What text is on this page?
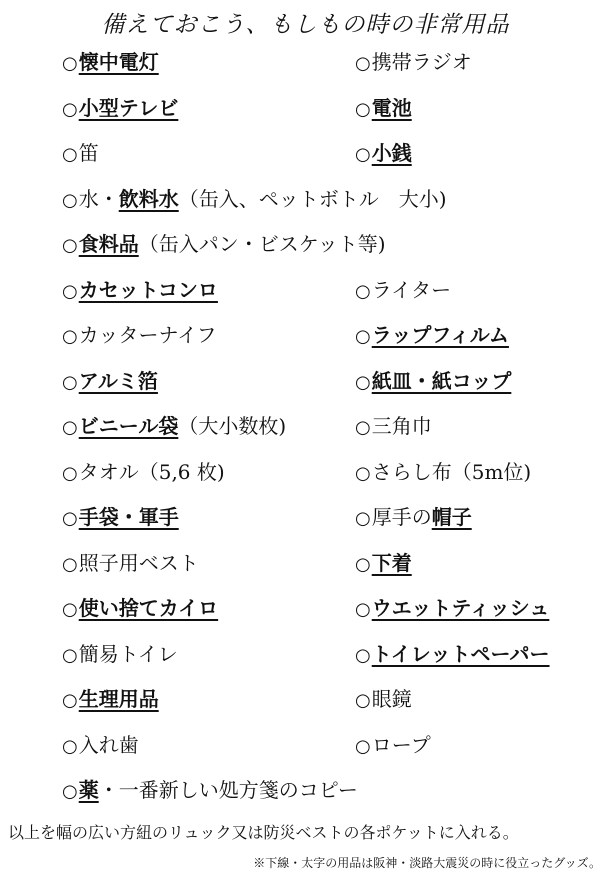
備えておこう、もしもの時の非常用品
○懐中電灯	○携帯ラジオ
○小型テレビ	○電池
○笛	○小銭
○水・飲料水（缶入、ペットボトル　大小)
○食料品（缶入パン・ビスケット等)
○カセットコンロ	○ライター
○カッターナイフ	○ラップフィルム
○アルミ箔	○紙皿・紙コップ
○ビニール袋（大小数枚)	○三角巾
○タオル（5,6 枚)	○さらし布（5m位)
○手袋・軍手	○厚手の帽子
○照子用ベスト	○下着
○使い捨てカイロ	○ウエットティッシュ
○簡易トイレ	○トイレットペーパー
○生理用品	○眼鏡
○入れ歯	○ロープ
○薬・一番新しい処方箋のコピー
以上を幅の広い方紐のリュック又は防災ベストの各ポケットに入れる。
※下線・太字の用品は阪神・淡路大震災の時に役立ったグッズ。
